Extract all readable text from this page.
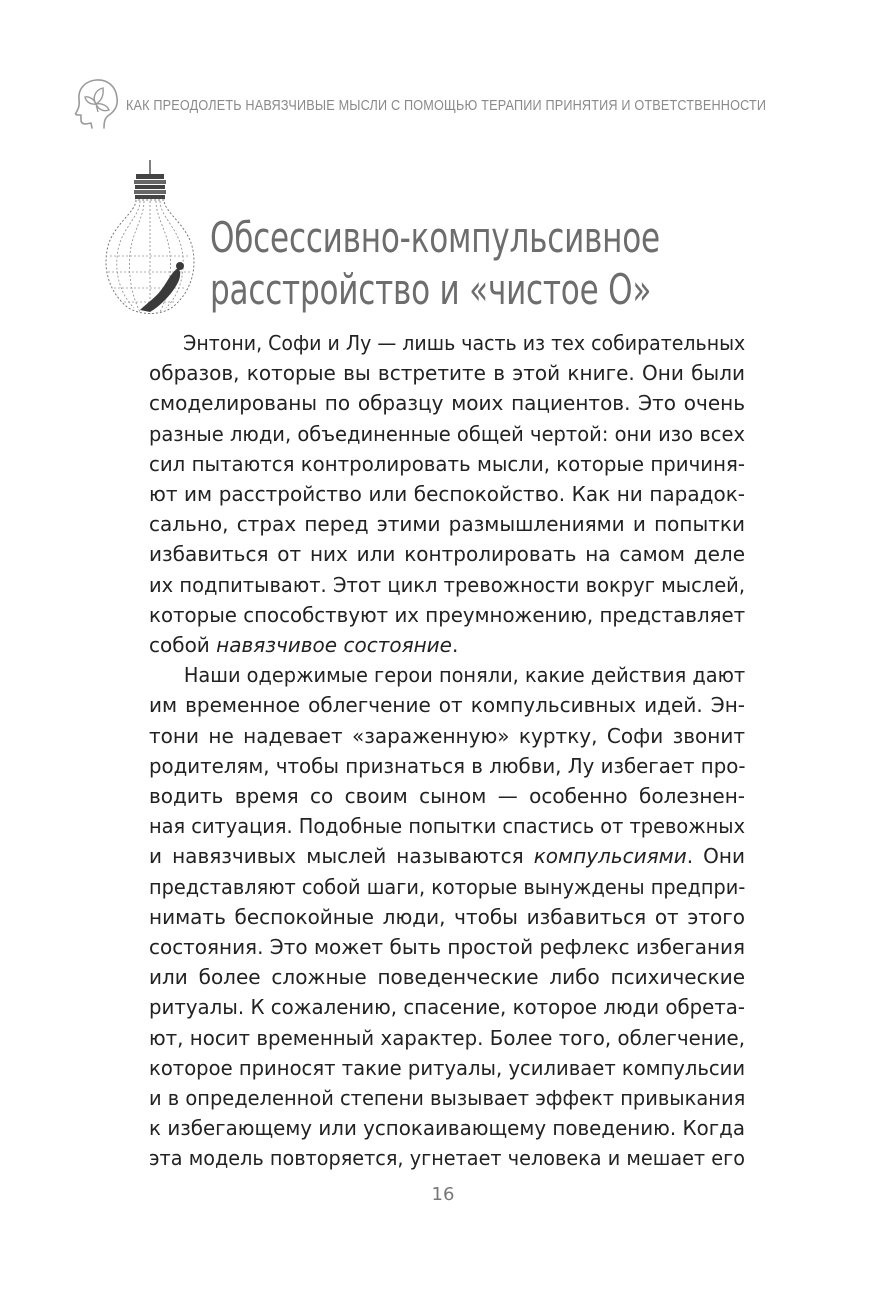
КАК ПРЕОДОЛЕТЬ НАВЯЗЧИВЫЕ МЫСЛИ С ПОМОЩЬЮ ТЕРАПИИ ПРИНЯТИЯ И ОТВЕТСТВЕННОСТИ
Обсессивно-компульсивное
расстройство и «чистое О»

Энтони, Софи и Лу — лишь часть из тех собирательных
образов, которые вы встретите в этой книге. Они были
смоделированы по образцу моих пациентов. Это очень
разные люди, объединенные общей чертой: они изо всех
сил пытаются контролировать мысли, которые причиня-
ют им расстройство или беспокойство. Как ни парадок-
сально, страх перед этими размышлениями и попытки
избавиться от них или контролировать на самом деле
их подпитывают. Этот цикл тревожности вокруг мыслей,
которые способствуют их преумножению, представляет
собой навязчивое состояние.

Наши одержимые герои поняли, какие действия дают
им временное облегчение от компульсивных идей. Эн-
тони не надевает «зараженную» куртку, Софи звонит
родителям, чтобы признаться в любви, Лу избегает про-
водить время со своим сыном — особенно болезнен-
ная ситуация. Подобные попытки спастись от тревожных
и навязчивых мыслей называются компульсиями. Они
представляют собой шаги, которые вынуждены предпри-
нимать беспокойные люди, чтобы избавиться от этого
состояния. Это может быть простой рефлекс избегания
или более сложные поведенческие либо психические
ритуалы. К сожалению, спасение, которое люди обрета-
ют, носит временный характер. Более того, облегчение,
которое приносят такие ритуалы, усиливает компульсии
и в определенной степени вызывает эффект привыкания
к избегающему или успокаивающему поведению. Когда
эта модель повторяется, угнетает человека и мешает его

16
